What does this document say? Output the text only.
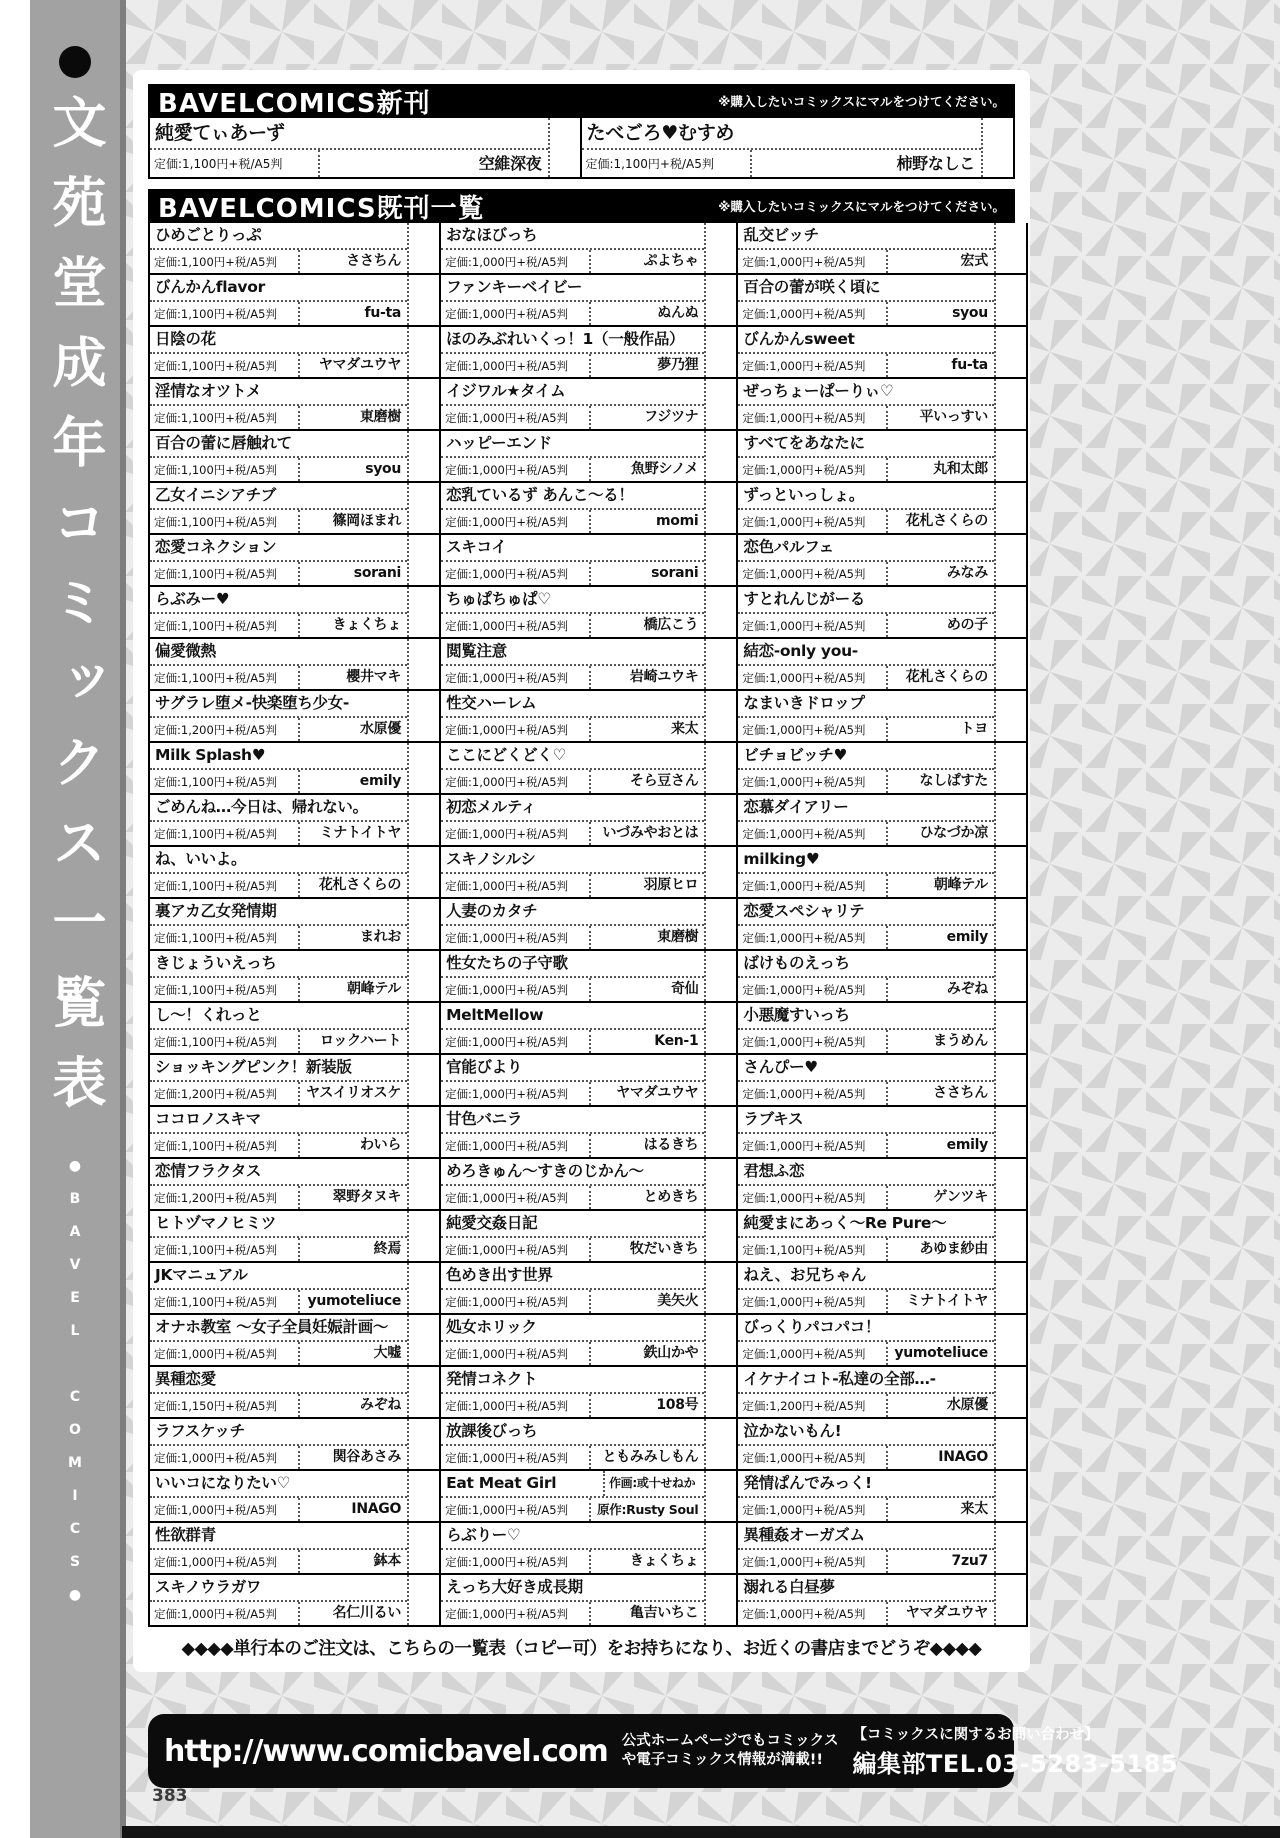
文苑堂成年コミックス一覧表
●BAVEL COMICS●
BAVELCOMICS新刊	※購入したいコミックスにマルをつけてください。
純愛てぃあーず
定価:1,100円+税/A5判	空維深夜
たべごろ♥むすめ
定価:1,100円+税/A5判	柿野なしこ
BAVELCOMICS既刊一覧	※購入したいコミックスにマルをつけてください。
ひめごとりっぷ
定価:1,100円+税/A5判	ささちん
びんかんflavor
定価:1,100円+税/A5判	fu-ta
日陰の花
定価:1,100円+税/A5判	ヤマダユウヤ
淫情なオツトメ
定価:1,100円+税/A5判	東磨樹
百合の蕾に唇触れて
定価:1,100円+税/A5判	syou
乙女イニシアチブ
定価:1,100円+税/A5判	篠岡ほまれ
恋愛コネクション
定価:1,100円+税/A5判	sorani
らぶみー♥
定価:1,100円+税/A5判	きょくちょ
偏愛微熱
定価:1,100円+税/A5判	櫻井マキ
サグラレ堕メ-快楽堕ち少女-
定価:1,200円+税/A5判	水原優
Milk Splash♥
定価:1,100円+税/A5判	emily
ごめんね…今日は、帰れない。
定価:1,100円+税/A5判	ミナトイトヤ
ね、いいよ。
定価:1,100円+税/A5判	花札さくらの
裏アカ乙女発情期
定価:1,100円+税/A5判	まれお
きじょういえっち
定価:1,100円+税/A5判	朝峰テル
し〜！くれっと
定価:1,100円+税/A5判	ロックハート
ショッキングピンク！新装版
定価:1,200円+税/A5判	ヤスイリオスケ
ココロノスキマ
定価:1,100円+税/A5判	わいら
恋情フラクタス
定価:1,200円+税/A5判	翠野タヌキ
ヒトヅマノヒミツ
定価:1,100円+税/A5判	終焉
JKマニュアル
定価:1,100円+税/A5判	yumoteliuce
オナホ教室 ～女子全員妊娠計画～
定価:1,000円+税/A5判	大嘘
異種恋愛
定価:1,150円+税/A5判	みぞね
ラフスケッチ
定価:1,000円+税/A5判	関谷あさみ
いいコになりたい♡
定価:1,000円+税/A5判	INAGO
性欲群青
定価:1,000円+税/A5判	鉢本
スキノウラガワ
定価:1,000円+税/A5判	名仁川るい
おなほびっち
定価:1,000円+税/A5判	ぷよちゃ
ファンキーベイビー
定価:1,000円+税/A5判	ぬんぬ
ほのみぶれいくっ！1（一般作品）
定価:1,000円+税/A5判	夢乃狸
イジワル★タイム
定価:1,000円+税/A5判	フジツナ
ハッピーエンド
定価:1,000円+税/A5判	魚野シノメ
恋乳ているず あんこ〜る！
定価:1,000円+税/A5判	momi
スキコイ
定価:1,000円+税/A5判	sorani
ちゅぱちゅぱ♡
定価:1,000円+税/A5判	橋広こう
閲覧注意
定価:1,000円+税/A5判	岩崎ユウキ
性交ハーレム
定価:1,000円+税/A5判	来太
ここにどくどく♡
定価:1,000円+税/A5判	そら豆さん
初恋メルティ
定価:1,000円+税/A5判	いづみやおとは
スキノシルシ
定価:1,000円+税/A5判	羽原ヒロ
人妻のカタチ
定価:1,000円+税/A5判	東磨樹
性女たちの子守歌
定価:1,000円+税/A5判	奇仙
MeltMellow
定価:1,000円+税/A5判	Ken-1
官能びより
定価:1,000円+税/A5判	ヤマダユウヤ
甘色バニラ
定価:1,000円+税/A5判	はるきち
めろきゅん～すきのじかん～
定価:1,000円+税/A5判	とめきち
純愛交姦日記
定価:1,000円+税/A5判	牧だいきち
色めき出す世界
定価:1,000円+税/A5判	美矢火
処女ホリック
定価:1,000円+税/A5判	鉄山かや
発情コネクト
定価:1,000円+税/A5判	108号
放課後びっち
定価:1,000円+税/A5判	ともみみしもん
Eat Meat Girl	作画:或十せねか
定価:1,000円+税/A5判	原作:Rusty Soul
らぶりー♡
定価:1,000円+税/A5判	きょくちょ
えっち大好き成長期
定価:1,000円+税/A5判	亀吉いちこ
乱交ビッチ
定価:1,000円+税/A5判	宏式
百合の蕾が咲く頃に
定価:1,000円+税/A5判	syou
びんかんsweet
定価:1,000円+税/A5判	fu-ta
ぜっちょーぱーりぃ♡
定価:1,000円+税/A5判	平いっすい
すべてをあなたに
定価:1,000円+税/A5判	丸和太郎
ずっといっしょ。
定価:1,000円+税/A5判	花札さくらの
恋色パルフェ
定価:1,000円+税/A5判	みなみ
すとれんじがーる
定価:1,000円+税/A5判	めの子
結恋-only you-
定価:1,000円+税/A5判	花札さくらの
なまいきドロップ
定価:1,000円+税/A5判	トヨ
ビチョビッチ♥
定価:1,000円+税/A5判	なしぱすた
恋慕ダイアリー
定価:1,000円+税/A5判	ひなづか凉
milking♥
定価:1,000円+税/A5判	朝峰テル
恋愛スペシャリテ
定価:1,000円+税/A5判	emily
ばけものえっち
定価:1,000円+税/A5判	みぞね
小悪魔すいっち
定価:1,000円+税/A5判	まうめん
さんぴー♥
定価:1,000円+税/A5判	ささちん
ラブキス
定価:1,000円+税/A5判	emily
君想ふ恋
定価:1,000円+税/A5判	ゲンツキ
純愛まにあっく～Re Pure～
定価:1,100円+税/A5判	あゆま紗由
ねえ、お兄ちゃん
定価:1,000円+税/A5判	ミナトイトヤ
びっくりパコパコ！
定価:1,000円+税/A5判	yumoteliuce
イケナイコト-私達の全部…-
定価:1,200円+税/A5判	水原優
泣かないもん!
定価:1,000円+税/A5判	INAGO
発情ぱんでみっく!
定価:1,000円+税/A5判	来太
異種姦オーガズム
定価:1,000円+税/A5判	7zu7
溺れる白昼夢
定価:1,000円+税/A5判	ヤマダユウヤ
◆◆◆◆単行本のご注文は、こちらの一覧表（コピー可）をお持ちになり、お近くの書店までどうぞ◆◆◆◆
http://www.comicbavel.com 公式ホームページでもコミックス
や電子コミックス情報が満載!!
【コミックスに関するお問い合わせ】
編集部TEL.03-5283-5185
383
